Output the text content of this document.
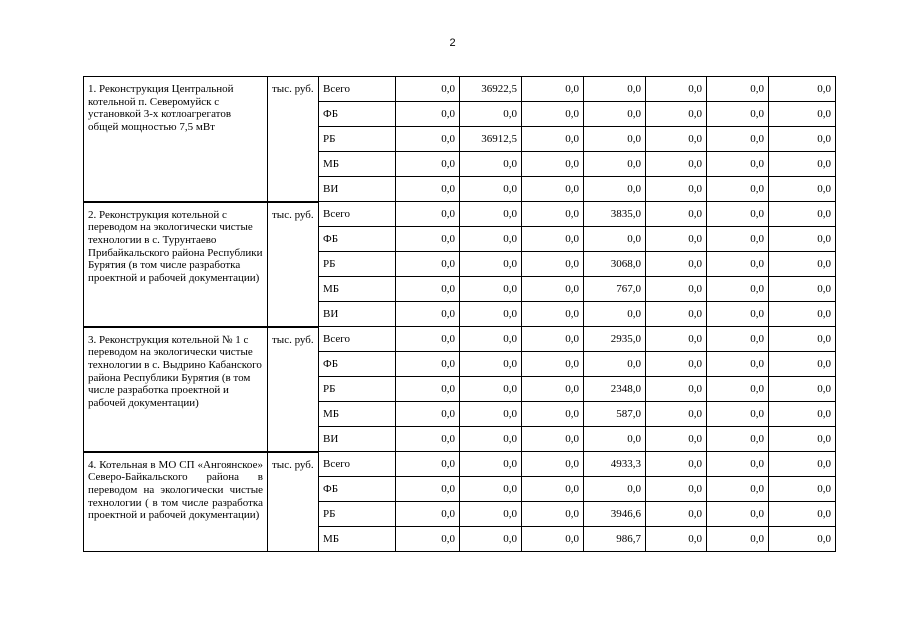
2
1. Реконструкция Центральной котельной п. Северомуйск с установкой 3-х котлоагрегатов общей мощностью 7,5 мВт	тыс. руб.	Всего	0,0	36922,5	0,0	0,0	0,0	0,0	0,0
		ФБ	0,0	0,0	0,0	0,0	0,0	0,0	0,0
		РБ	0,0	36912,5	0,0	0,0	0,0	0,0	0,0
		МБ	0,0	0,0	0,0	0,0	0,0	0,0	0,0
		ВИ	0,0	0,0	0,0	0,0	0,0	0,0	0,0
2. Реконструкция котельной с переводом на экологически чистые технологии в с. Турунтаево Прибайкальского района Республики Бурятия (в том числе разработка проектной и рабочей документации)	тыс. руб.	Всего	0,0	0,0	0,0	3835,0	0,0	0,0	0,0
		ФБ	0,0	0,0	0,0	0,0	0,0	0,0	0,0
		РБ	0,0	0,0	0,0	3068,0	0,0	0,0	0,0
		МБ	0,0	0,0	0,0	767,0	0,0	0,0	0,0
		ВИ	0,0	0,0	0,0	0,0	0,0	0,0	0,0
3. Реконструкция котельной № 1 с переводом на экологически чистые технологии в с. Выдрино Кабанского района Республики Бурятия (в том числе разработка проектной и рабочей документации)	тыс. руб.	Всего	0,0	0,0	0,0	2935,0	0,0	0,0	0,0
		ФБ	0,0	0,0	0,0	0,0	0,0	0,0	0,0
		РБ	0,0	0,0	0,0	2348,0	0,0	0,0	0,0
		МБ	0,0	0,0	0,0	587,0	0,0	0,0	0,0
		ВИ	0,0	0,0	0,0	0,0	0,0	0,0	0,0
4. Котельная в МО СП «Ангоянское» Северо-Байкальского района в переводом на экологически чистые технологии ( в том числе разработка проектной и рабочей документации)	тыс. руб.	Всего	0,0	0,0	0,0	4933,3	0,0	0,0	0,0
		ФБ	0,0	0,0	0,0	0,0	0,0	0,0	0,0
		РБ	0,0	0,0	0,0	3946,6	0,0	0,0	0,0
		МБ	0,0	0,0	0,0	986,7	0,0	0,0	0,0
